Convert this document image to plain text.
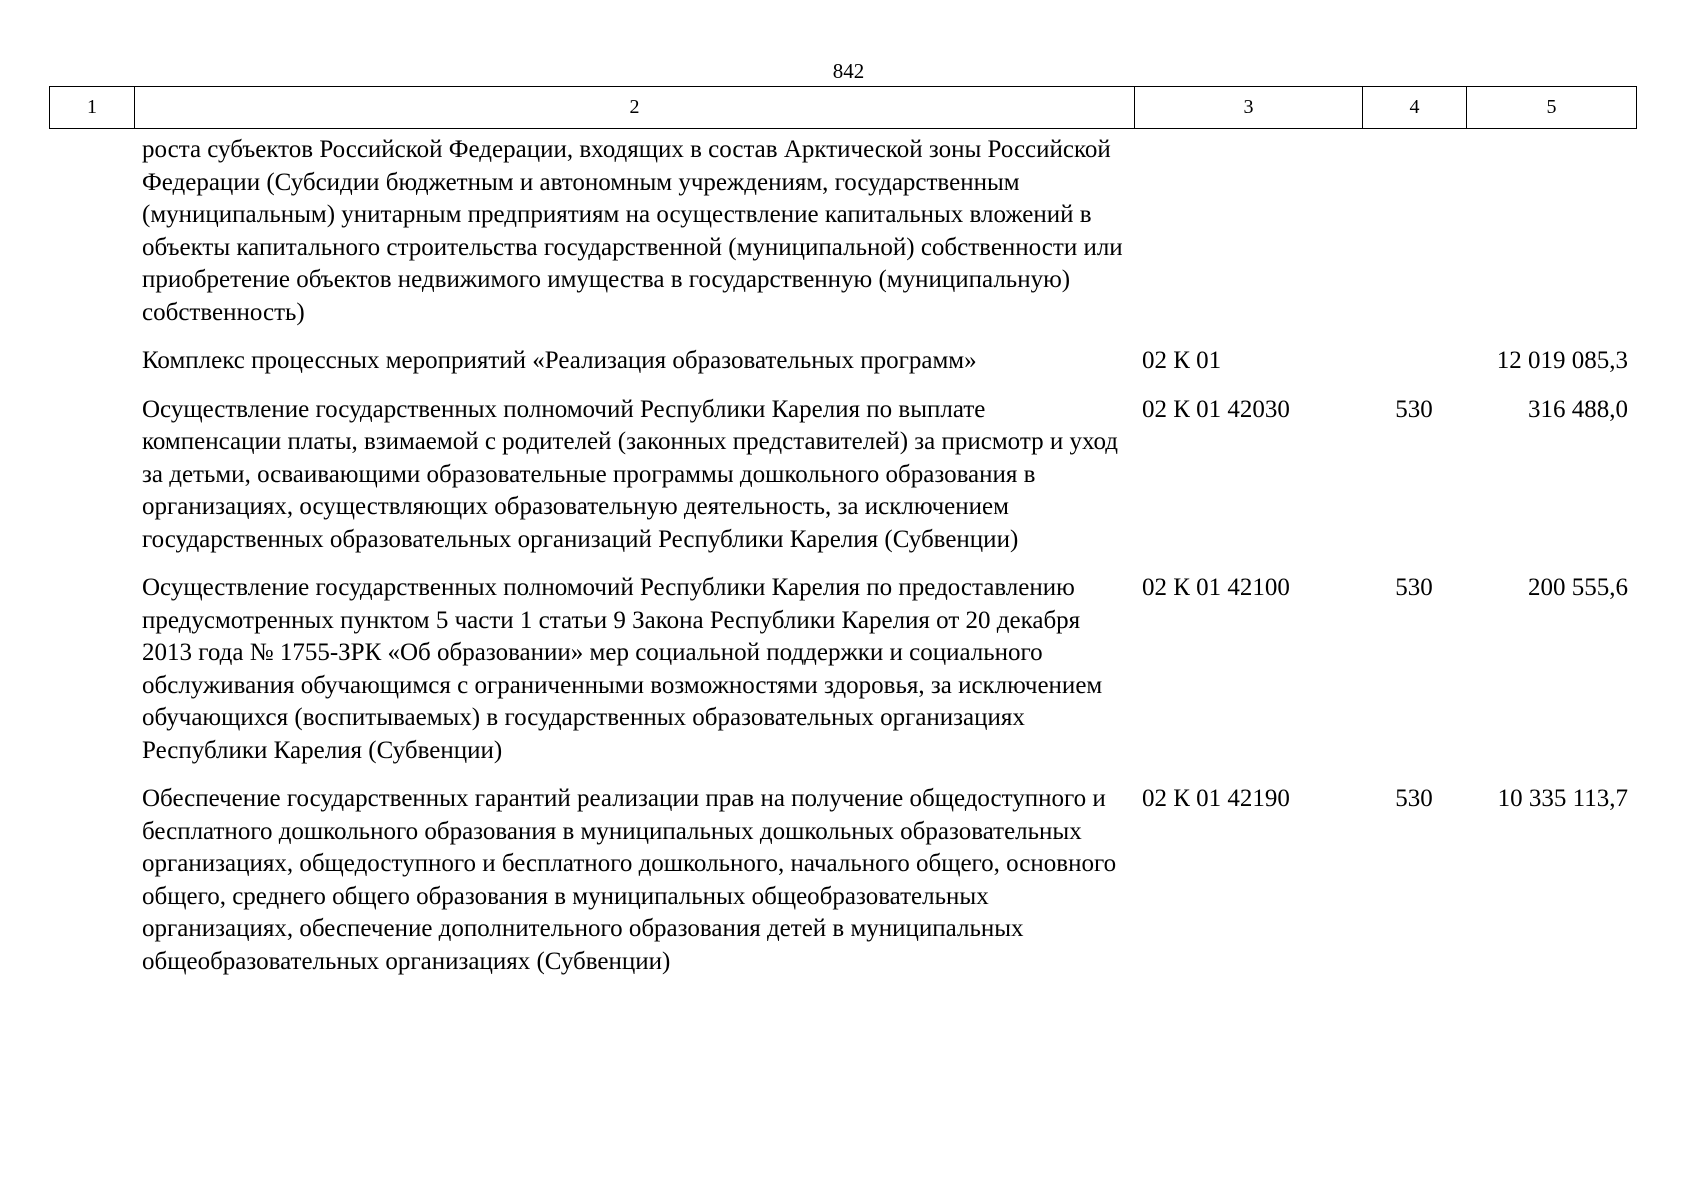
842
1	2	3	4	5
	роста субъектов Российской Федерации, входящих в состав Арктической зоны Российской Федерации (Субсидии бюджетным и автономным учреждениям, государственным (муниципальным) унитарным предприятиям на осуществление капитальных вложений в объекты капитального строительства государственной (муниципальной) собственности или приобретение объектов недвижимого имущества в государственную (муниципальную) собственность)			
	Комплекс процессных мероприятий «Реализация образовательных программ»	02 К 01		12 019 085,3
	Осуществление государственных полномочий Республики Карелия по выплате компенсации платы, взимаемой с родителей (законных представителей) за присмотр и уход за детьми, осваивающими образовательные программы дошкольного образования в организациях, осуществляющих образовательную деятельность, за исключением государственных образовательных организаций Республики Карелия (Субвенции)	02 К 01 42030	530	316 488,0
	Осуществление государственных полномочий Республики Карелия по предоставлению предусмотренных пунктом 5 части 1 статьи 9 Закона Республики Карелия от 20 декабря 2013 года № 1755-ЗРК «Об образовании» мер социальной поддержки и социального обслуживания обучающимся с ограниченными возможностями здоровья, за исключением обучающихся (воспитываемых) в государственных образовательных организациях Республики Карелия (Субвенции)	02 К 01 42100	530	200 555,6
	Обеспечение государственных гарантий реализации прав на получение общедоступного и бесплатного дошкольного образования в муниципальных дошкольных образовательных организациях, общедоступного и бесплатного дошкольного, начального общего, основного общего, среднего общего образования в муниципальных общеобразовательных организациях, обеспечение дополнительного образования детей в муниципальных общеобразовательных организациях (Субвенции)	02 К 01 42190	530	10 335 113,7
